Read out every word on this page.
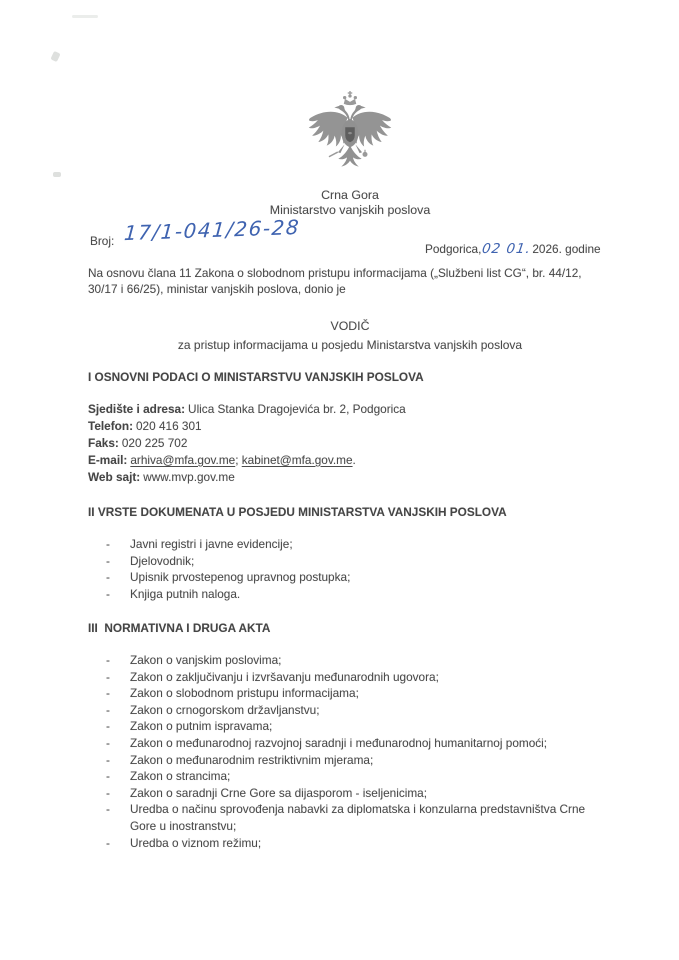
Crna Gora
Ministarstvo vanjskih poslova
Broj: 17/1-041/26-28
Podgorica, 02 01. 2026. godine
Na osnovu člana 11 Zakona o slobodnom pristupu informacijama („Službeni list CG“, br. 44/12,
30/17 i 66/25), ministar vanjskih poslova, donio je
VODIČ
za pristup informacijama u posjedu Ministarstva vanjskih poslova
I OSNOVNI PODACI O MINISTARSTVU VANJSKIH POSLOVA
Sjedište i adresa: Ulica Stanka Dragojevića br. 2, Podgorica
Telefon: 020 416 301
Faks: 020 225 702
E-mail: arhiva@mfa.gov.me; kabinet@mfa.gov.me.
Web sajt: www.mvp.gov.me
II VRSTE DOKUMENATA U POSJEDU MINISTARSTVA VANJSKIH POSLOVA
-	Javni registri i javne evidencije;
-	Djelovodnik;
-	Upisnik prvostepenog upravnog postupka;
-	Knjiga putnih naloga.
III  NORMATIVNA I DRUGA AKTA
-	Zakon o vanjskim poslovima;
-	Zakon o zaključivanju i izvršavanju međunarodnih ugovora;
-	Zakon o slobodnom pristupu informacijama;
-	Zakon o crnogorskom državljanstvu;
-	Zakon o putnim ispravama;
-	Zakon o međunarodnoj razvojnoj saradnji i međunarodnoj humanitarnoj pomoći;
-	Zakon o međunarodnim restriktivnim mjerama;
-	Zakon o strancima;
-	Zakon o saradnji Crne Gore sa dijasporom - iseljenicima;
-	Uredba o načinu sprovođenja nabavki za diplomatska i konzularna predstavništva Crne Gore u inostranstvu;
-	Uredba o viznom režimu;
